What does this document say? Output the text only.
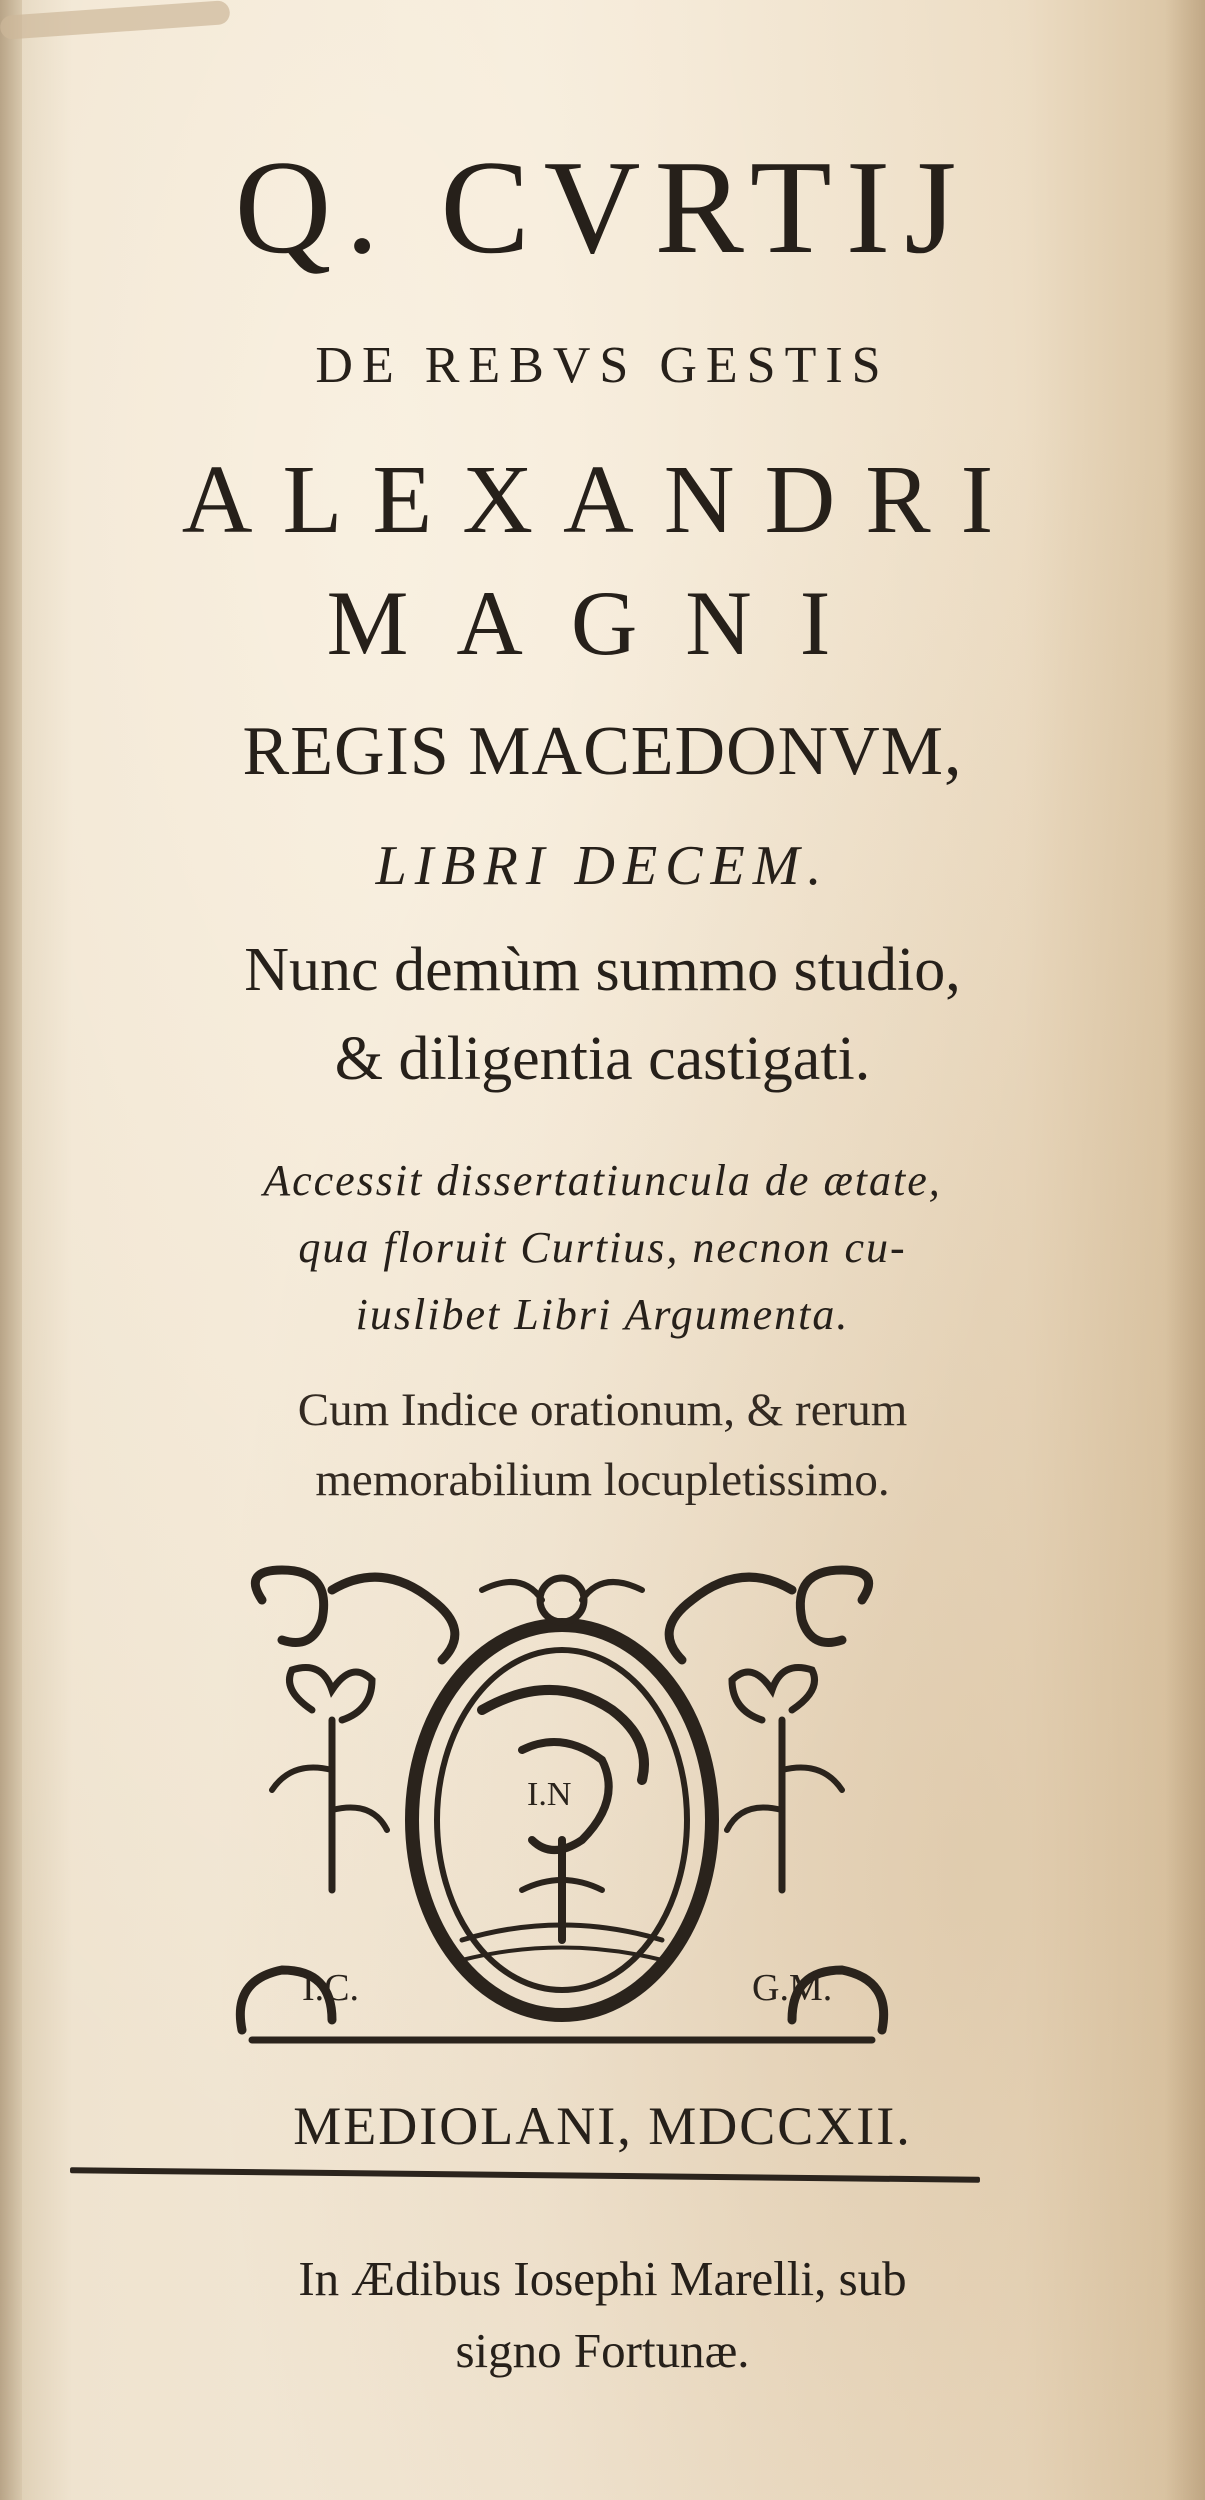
Q. CVRTIJ
DE REBVS GESTIS
ALEXANDRI
MAGNI
REGIS MACEDONVM,
LIBRI DECEM.
Nunc demùm summo studio,
& diligentia castigati.
Accessit dissertatiuncula de ætate,
qua floruit Curtius, necnon cu-
iuslibet Libri Argumenta.
Cum Indice orationum, & rerum
memorabilium locupletissimo.
I.C.	G.M.
I.N
MEDIOLANI, MDCCXII.
In Ædibus Iosephi Marelli, sub
signo Fortunæ.
